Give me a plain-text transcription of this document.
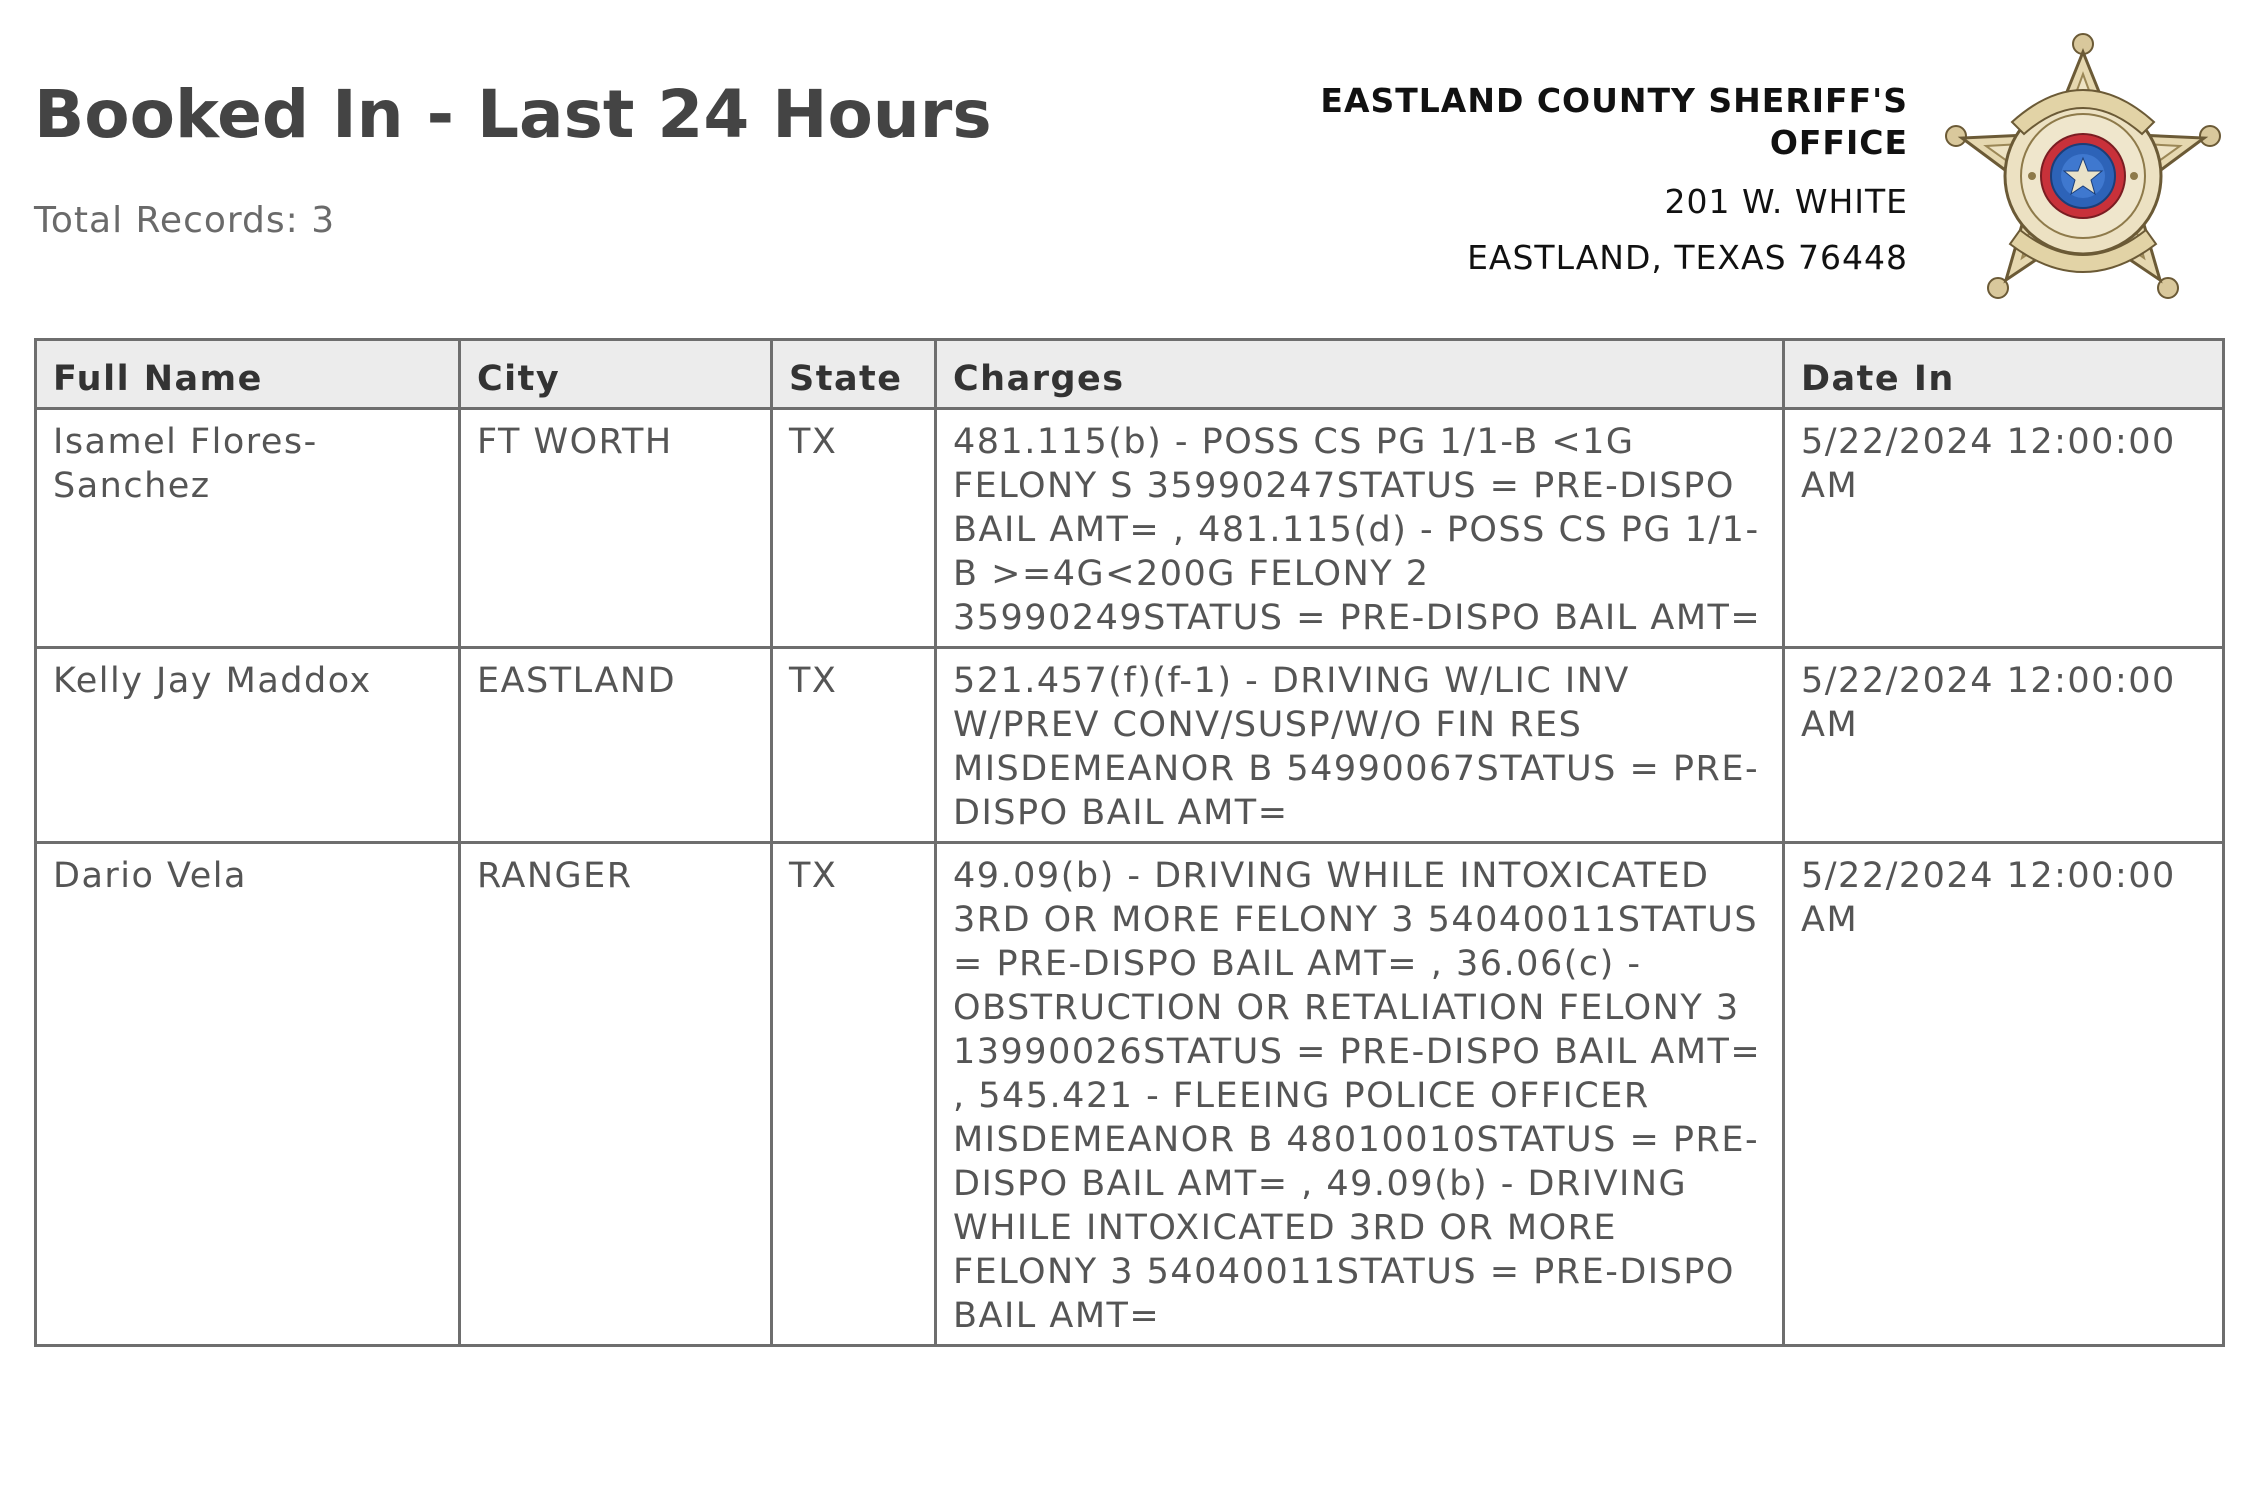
Booked In - Last 24 Hours
Total Records: 3
EASTLAND COUNTY SHERIFF'S OFFICE
201 W. WHITE
EASTLAND, TEXAS 76448
Full Name	City	State	Charges	Date In
Isamel Flores-Sanchez	FT WORTH	TX	481.115(b) - POSS CS PG 1/1-B <1G FELONY S 35990247STATUS = PRE-DISPO BAIL AMT= , 481.115(d) - POSS CS PG 1/1-B >=4G<200G FELONY 2 35990249STATUS = PRE-DISPO BAIL AMT=	5/22/2024 12:00:00 AM
Kelly Jay Maddox	EASTLAND	TX	521.457(f)(f-1) - DRIVING W/LIC INV W/PREV CONV/SUSP/W/O FIN RES MISDEMEANOR B 54990067STATUS = PRE-DISPO BAIL AMT=	5/22/2024 12:00:00 AM
Dario Vela	RANGER	TX	49.09(b) - DRIVING WHILE INTOXICATED 3RD OR MORE FELONY 3 54040011STATUS = PRE-DISPO BAIL AMT= , 36.06(c) - OBSTRUCTION OR RETALIATION FELONY 3 13990026STATUS = PRE-DISPO BAIL AMT= , 545.421 - FLEEING POLICE OFFICER MISDEMEANOR B 48010010STATUS = PRE-DISPO BAIL AMT= , 49.09(b) - DRIVING WHILE INTOXICATED 3RD OR MORE FELONY 3 54040011STATUS = PRE-DISPO BAIL AMT=	5/22/2024 12:00:00 AM
